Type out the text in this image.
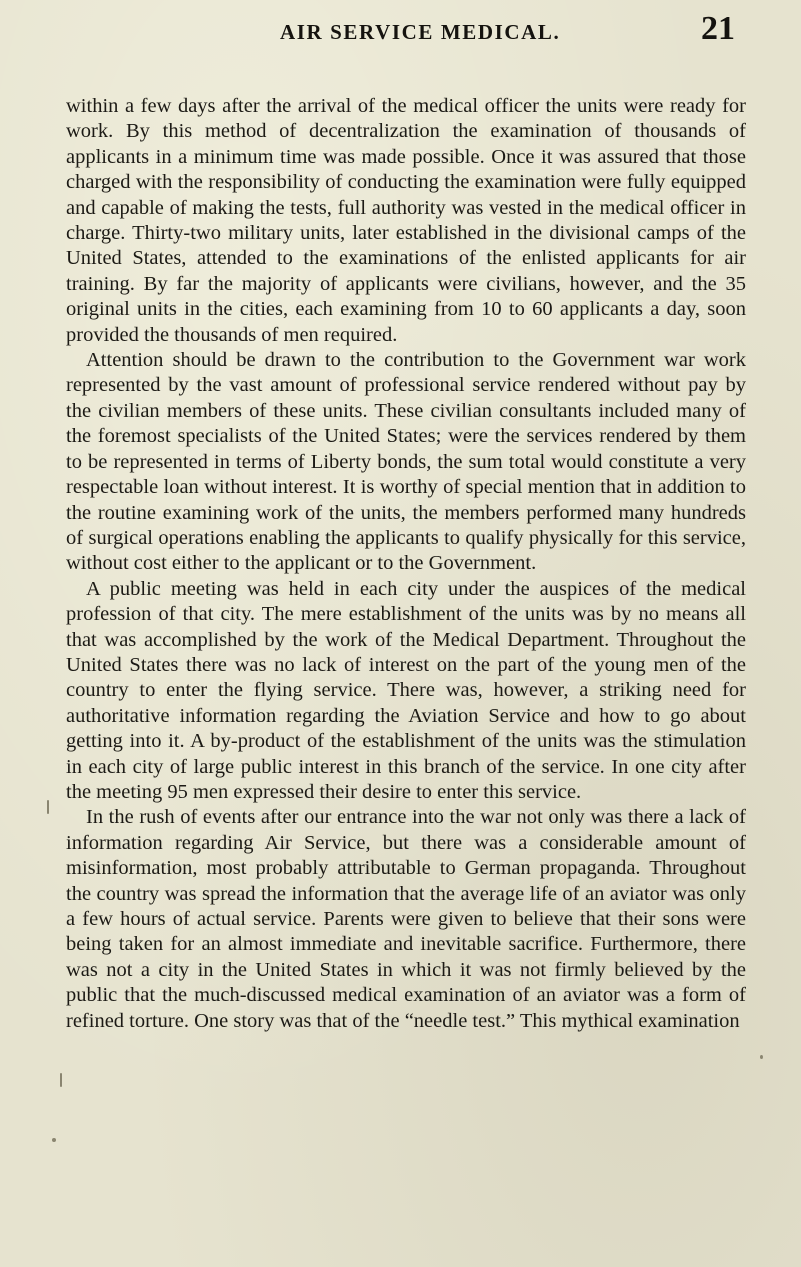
AIR SERVICE MEDICAL.	21

within a few days after the arrival of the medical officer the units were ready for work. By this method of decentralization the examination of thousands of applicants in a minimum time was made possible. Once it was assured that those charged with the responsibility of conducting the examination were fully equipped and capable of making the tests, full authority was vested in the medical officer in charge. Thirty-two military units, later established in the divisional camps of the United States, attended to the examinations of the enlisted applicants for air training. By far the majority of applicants were civilians, however, and the 35 original units in the cities, each examining from 10 to 60 applicants a day, soon provided the thousands of men required.

Attention should be drawn to the contribution to the Government war work represented by the vast amount of professional service rendered without pay by the civilian members of these units. These civilian consultants included many of the foremost specialists of the United States; were the services rendered by them to be represented in terms of Liberty bonds, the sum total would constitute a very respectable loan without interest. It is worthy of special mention that in addition to the routine examining work of the units, the members performed many hundreds of surgical operations enabling the applicants to qualify physically for this service, without cost either to the applicant or to the Government.

A public meeting was held in each city under the auspices of the medical profession of that city. The mere establishment of the units was by no means all that was accomplished by the work of the Medical Department. Throughout the United States there was no lack of interest on the part of the young men of the country to enter the flying service. There was, however, a striking need for authoritative information regarding the Aviation Service and how to go about getting into it. A by-product of the establishment of the units was the stimulation in each city of large public interest in this branch of the service. In one city after the meeting 95 men expressed their desire to enter this service.

In the rush of events after our entrance into the war not only was there a lack of information regarding Air Service, but there was a considerable amount of misinformation, most probably attributable to German propaganda. Throughout the country was spread the information that the average life of an aviator was only a few hours of actual service. Parents were given to believe that their sons were being taken for an almost immediate and inevitable sacrifice. Furthermore, there was not a city in the United States in which it was not firmly believed by the public that the much-discussed medical examination of an aviator was a form of refined torture. One story was that of the “needle test.” This mythical examination
